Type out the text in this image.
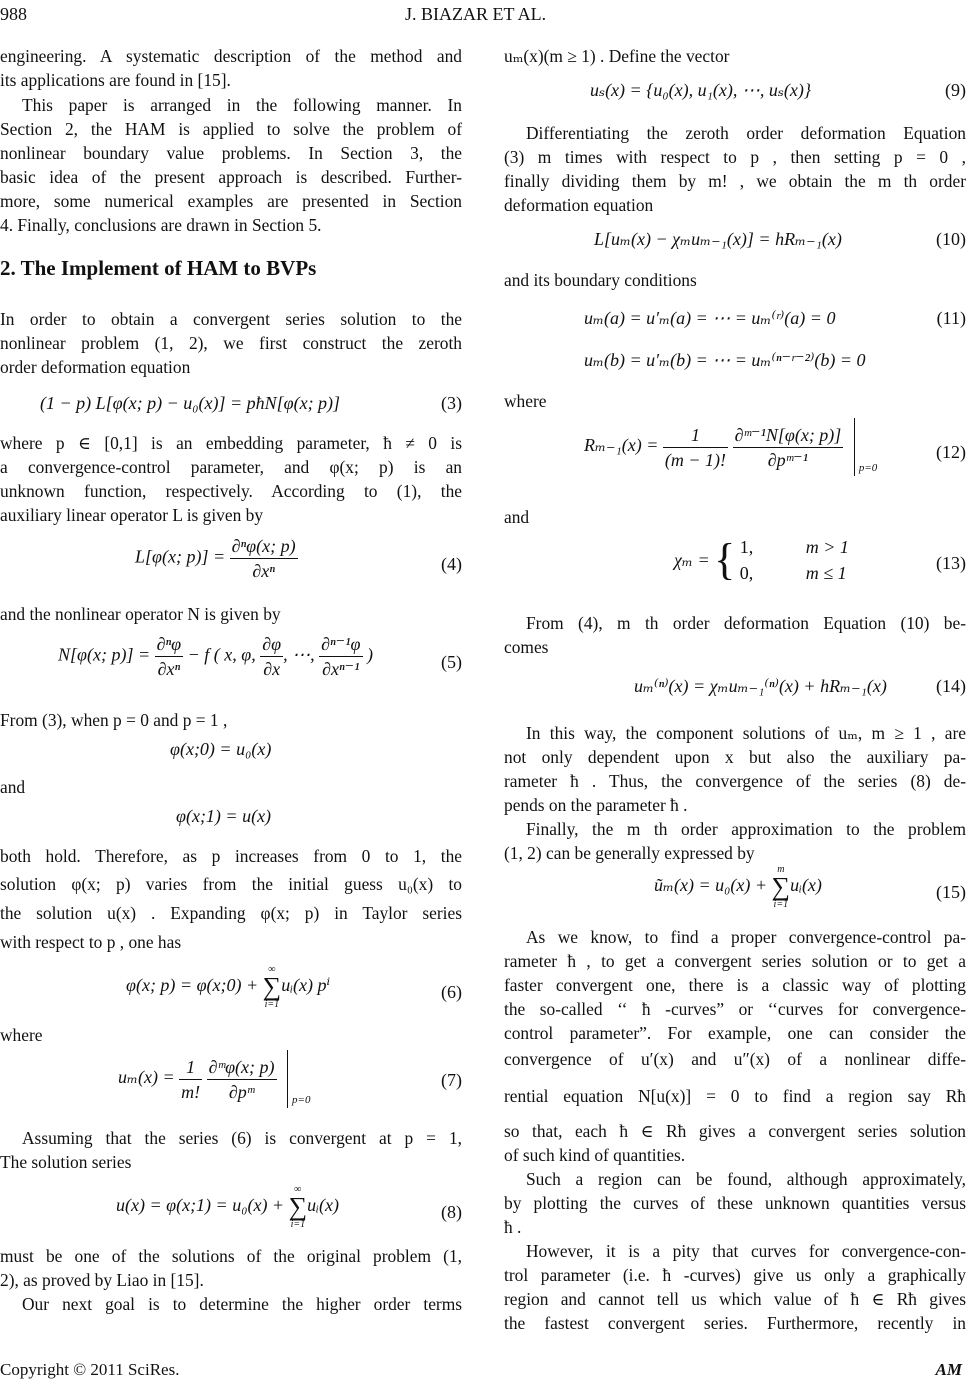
988	J. BIAZAR ET AL.
engineering. A systematic description of the method and
its applications are found in [15].
This paper is arranged in the following manner. In
Section 2, the HAM is applied to solve the problem of
nonlinear boundary value problems. In Section 3, the
basic idea of the present approach is described. Further-
more, some numerical examples are presented in Section
4. Finally, conclusions are drawn in Section 5.
2. The Implement of HAM to BVPs
In order to obtain a convergent series solution to the
nonlinear problem (1, 2), we first construct the zeroth
order deformation equation
(1 − p) L[φ(x; p) − u₀(x)] = pħN[φ(x; p)]	(3)
where p ∈ [0,1] is an embedding parameter, ħ ≠ 0 is
a convergence-control parameter, and φ(x; p) is an
unknown function, respectively. According to (1), the
auxiliary linear operator L is given by
L[φ(x; $p)] = \frac{\text{∂ⁿφ(x; p)}}{\text{∂xⁿ}}$	(4)
and the nonlinear operator N is given by
N[φ(x; $p)] = \frac{\text{∂ⁿφ}}{\text{∂xⁿ}} - f$ ( x, φ, $\frac{\partial\varphi}{\partial x}$ , ⋯, $\frac{\text{∂ⁿ⁻¹φ}}{\text{∂xⁿ⁻¹}}$ )	(5)
From (3), when p = 0 and p = 1 ,
φ(x;0) = u₀(x)
and
φ(x;1) = u(x)
both hold. Therefore, as p increases from 0 to 1, the
solution φ(x; p) varies from the initial guess u₀(x) to
the solution u(x) . Expanding φ(x; p) in Taylor series
with respect to p , one has
φ(x; p) = φ(x;0) +
∞
∑
i=1
uᵢ(x) pⁱ	(6)
where
$u_m(x) = \frac{1}{m!}$
$\frac{\text{∂ᵐφ(x; p)}}{\text{∂pᵐ}}$
p=0
(7)
Assuming that the series (6) is convergent at p = 1,
The solution series
u(x) = φ(x;1) = u₀(x) +
∞
∑
i=1
uᵢ(x)	(8)
must be one of the solutions of the original problem (1,
2), as proved by Liao in [15].
Our next goal is to determine the higher order terms
uₘ(x)(m ≥ 1) . Define the vector
uₛ(x) = {u₀(x), u₁(x), ⋯, uₛ(x)}	(9)
Differentiating the zeroth order deformation Equation
(3) m times with respect to p , then setting p = 0 ,
finally dividing them by m! , we obtain the m th order
deformation equation
L[uₘ(x) − χₘuₘ₋₁(x)] = hRₘ₋₁(x)	(10)
and its boundary conditions
uₘ(a) = u′ₘ(a) = ⋯ = uₘ⁽ʳ⁾(a) = 0	(11)
uₘ(b) = u′ₘ(b) = ⋯ = uₘ⁽ⁿ⁻ʳ⁻²⁾(b) = 0
where
$R_{m-1}(x) = \frac{1}{(m - 1)!}$
$\frac{\text{∂ᵐ⁻¹N[φ(x; p)]}}{\text{∂pᵐ⁻¹}}$
p=0
(12)
and
χₘ = { 1,	m > 1
0,	m ≤ 1	(13)
From (4), m th order deformation Equation (10) be-
comes
uₘ⁽ⁿ⁾(x) = χₘuₘ₋₁⁽ⁿ⁾(x) + hRₘ₋₁(x)	(14)
In this way, the component solutions of uₘ, m ≥ 1 , are
not only dependent upon x but also the auxiliary pa-
rameter ħ . Thus, the convergence of the series (8) de-
pends on the parameter ħ .
Finally, the m th order approximation to the problem
(1, 2) can be generally expressed by
ũₘ(x) = u₀(x) +
m
∑
i=1
uᵢ(x)	(15)
As we know, to find a proper convergence-control pa-
rameter ħ , to get a convergent series solution or to get a
faster convergent one, there is a classic way of plotting
the so-called ‘‘ ħ -curves” or ‘‘curves for convergence-
control parameter”. For example, one can consider the
convergence of u′(x) and u″(x) of a nonlinear diffe-
rential equation N[u(x)] = 0 to find a region say Rħ
so that, each ħ ∈ Rħ gives a convergent series solution
of such kind of quantities.
Such a region can be found, although approximately,
by plotting the curves of these unknown quantities versus
ħ .
However, it is a pity that curves for convergence-con-
trol parameter (i.e. ħ -curves) give us only a graphically
region and cannot tell us which value of ħ ∈ Rħ gives
the fastest convergent series. Furthermore, recently in
Copyright © 2011 SciRes.	AM
